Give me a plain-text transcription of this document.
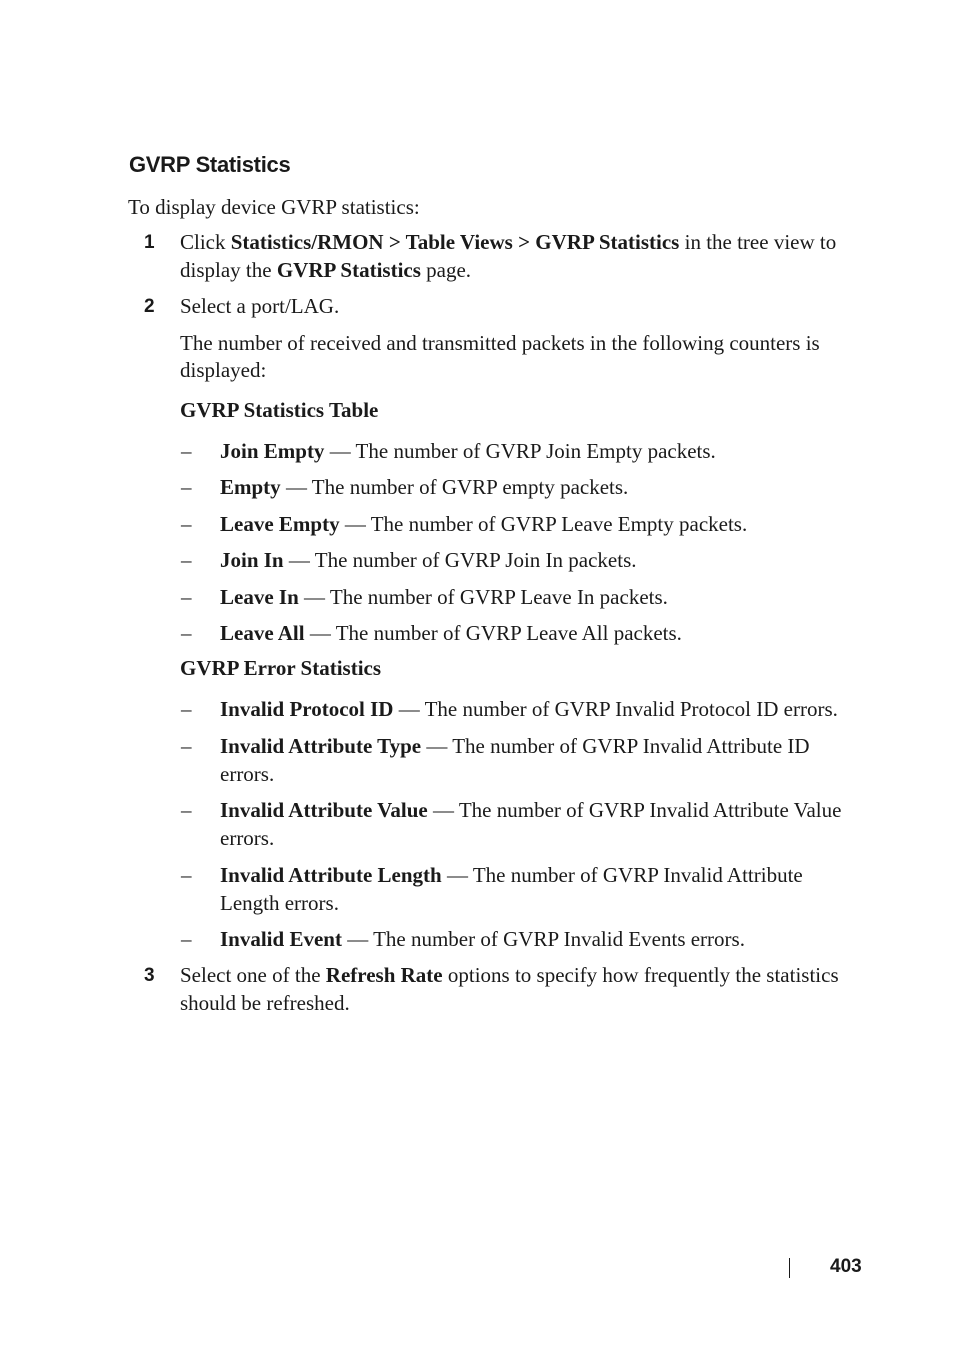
GVRP Statistics

To display device GVRP statistics:

1	Click Statistics/RMON > Table Views > GVRP Statistics in the tree view to display the GVRP Statistics page.

2	Select a port/LAG.

The number of received and transmitted packets in the following counters is displayed:

GVRP Statistics Table
–	Join Empty — The number of GVRP Join Empty packets.
–	Empty — The number of GVRP empty packets.
–	Leave Empty — The number of GVRP Leave Empty packets.
–	Join In — The number of GVRP Join In packets.
–	Leave In — The number of GVRP Leave In packets.
–	Leave All — The number of GVRP Leave All packets.
GVRP Error Statistics
–	Invalid Protocol ID — The number of GVRP Invalid Protocol ID errors.
–	Invalid Attribute Type — The number of GVRP Invalid Attribute ID errors.
–	Invalid Attribute Value — The number of GVRP Invalid Attribute Value errors.
–	Invalid Attribute Length — The number of GVRP Invalid Attribute Length errors.
–	Invalid Event — The number of GVRP Invalid Events errors.
3	Select one of the Refresh Rate options to specify how frequently the statistics should be refreshed.

403
